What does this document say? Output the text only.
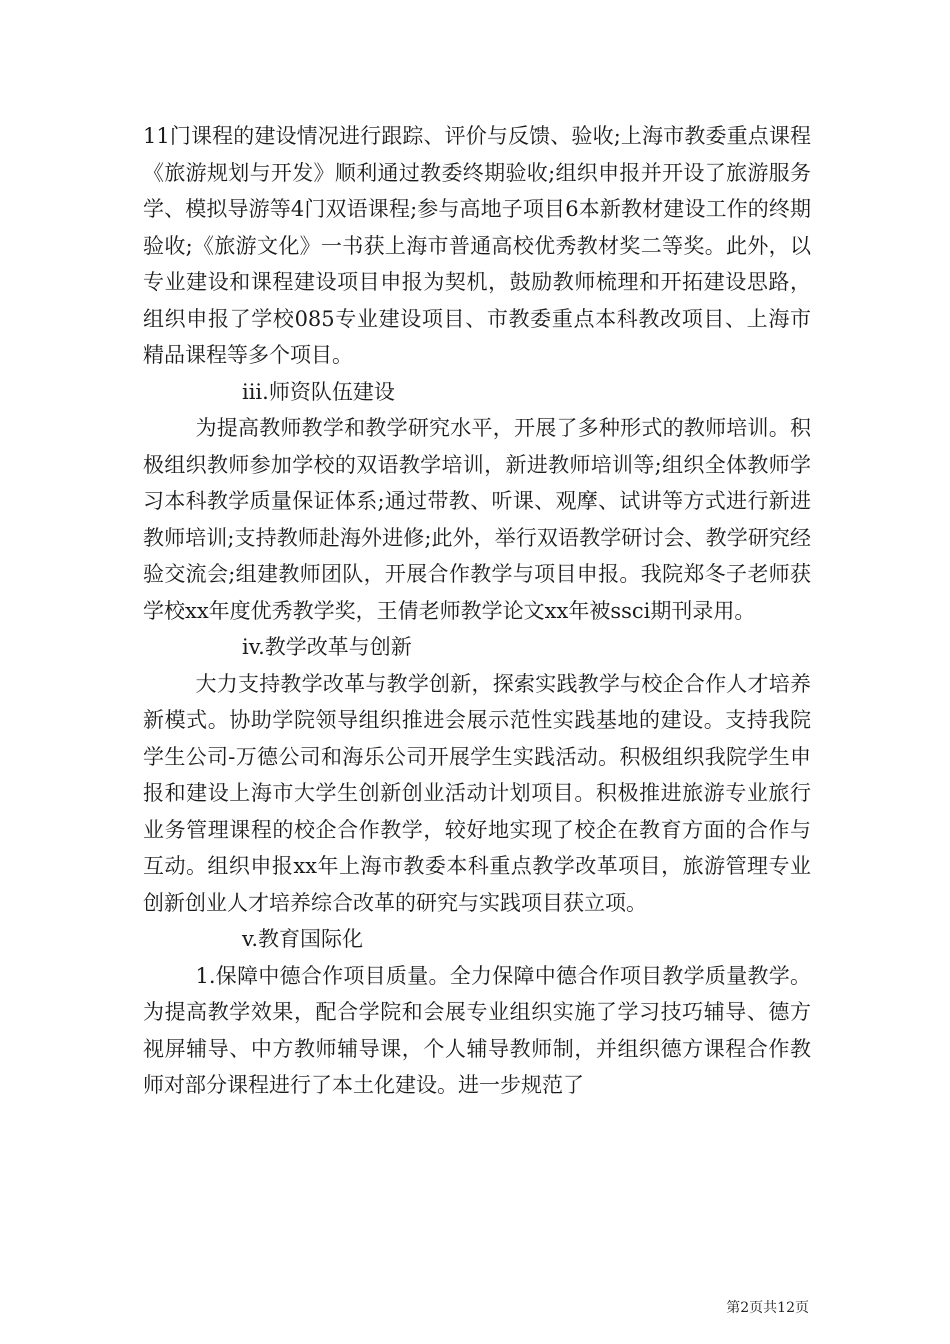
11门课程的建设情况进行跟踪、评价与反馈、验收;上海市教委重点课程《旅游规划与开发》顺利通过教委终期验收;组织申报并开设了旅游服务学、模拟导游等4门双语课程;参与高地子项目6本新教材建设工作的终期验收;《旅游文化》一书获上海市普通高校优秀教材奖二等奖。此外，以专业建设和课程建设项目申报为契机，鼓励教师梳理和开拓建设思路，组织申报了学校085专业建设项目、市教委重点本科教改项目、上海市精品课程等多个项目。

iii.师资队伍建设

为提高教师教学和教学研究水平，开展了多种形式的教师培训。积极组织教师参加学校的双语教学培训，新进教师培训等;组织全体教师学习本科教学质量保证体系;通过带教、听课、观摩、试讲等方式进行新进教师培训;支持教师赴海外进修;此外，举行双语教学研讨会、教学研究经验交流会;组建教师团队，开展合作教学与项目申报。我院郑冬子老师获学校xx年度优秀教学奖，王倩老师教学论文xx年被ssci期刊录用。

iv.教学改革与创新

大力支持教学改革与教学创新，探索实践教学与校企合作人才培养新模式。协助学院领导组织推进会展示范性实践基地的建设。支持我院学生公司-万德公司和海乐公司开展学生实践活动。积极组织我院学生申报和建设上海市大学生创新创业活动计划项目。积极推进旅游专业旅行业务管理课程的校企合作教学，较好地实现了校企在教育方面的合作与互动。组织申报xx年上海市教委本科重点教学改革项目，旅游管理专业创新创业人才培养综合改革的研究与实践项目获立项。

v.教育国际化

1.保障中德合作项目质量。全力保障中德合作项目教学质量教学。为提高教学效果，配合学院和会展专业组织实施了学习技巧辅导、德方视屏辅导、中方教师辅导课，个人辅导教师制，并组织德方课程合作教师对部分课程进行了本土化建设。进一步规范了

第2页共12页
